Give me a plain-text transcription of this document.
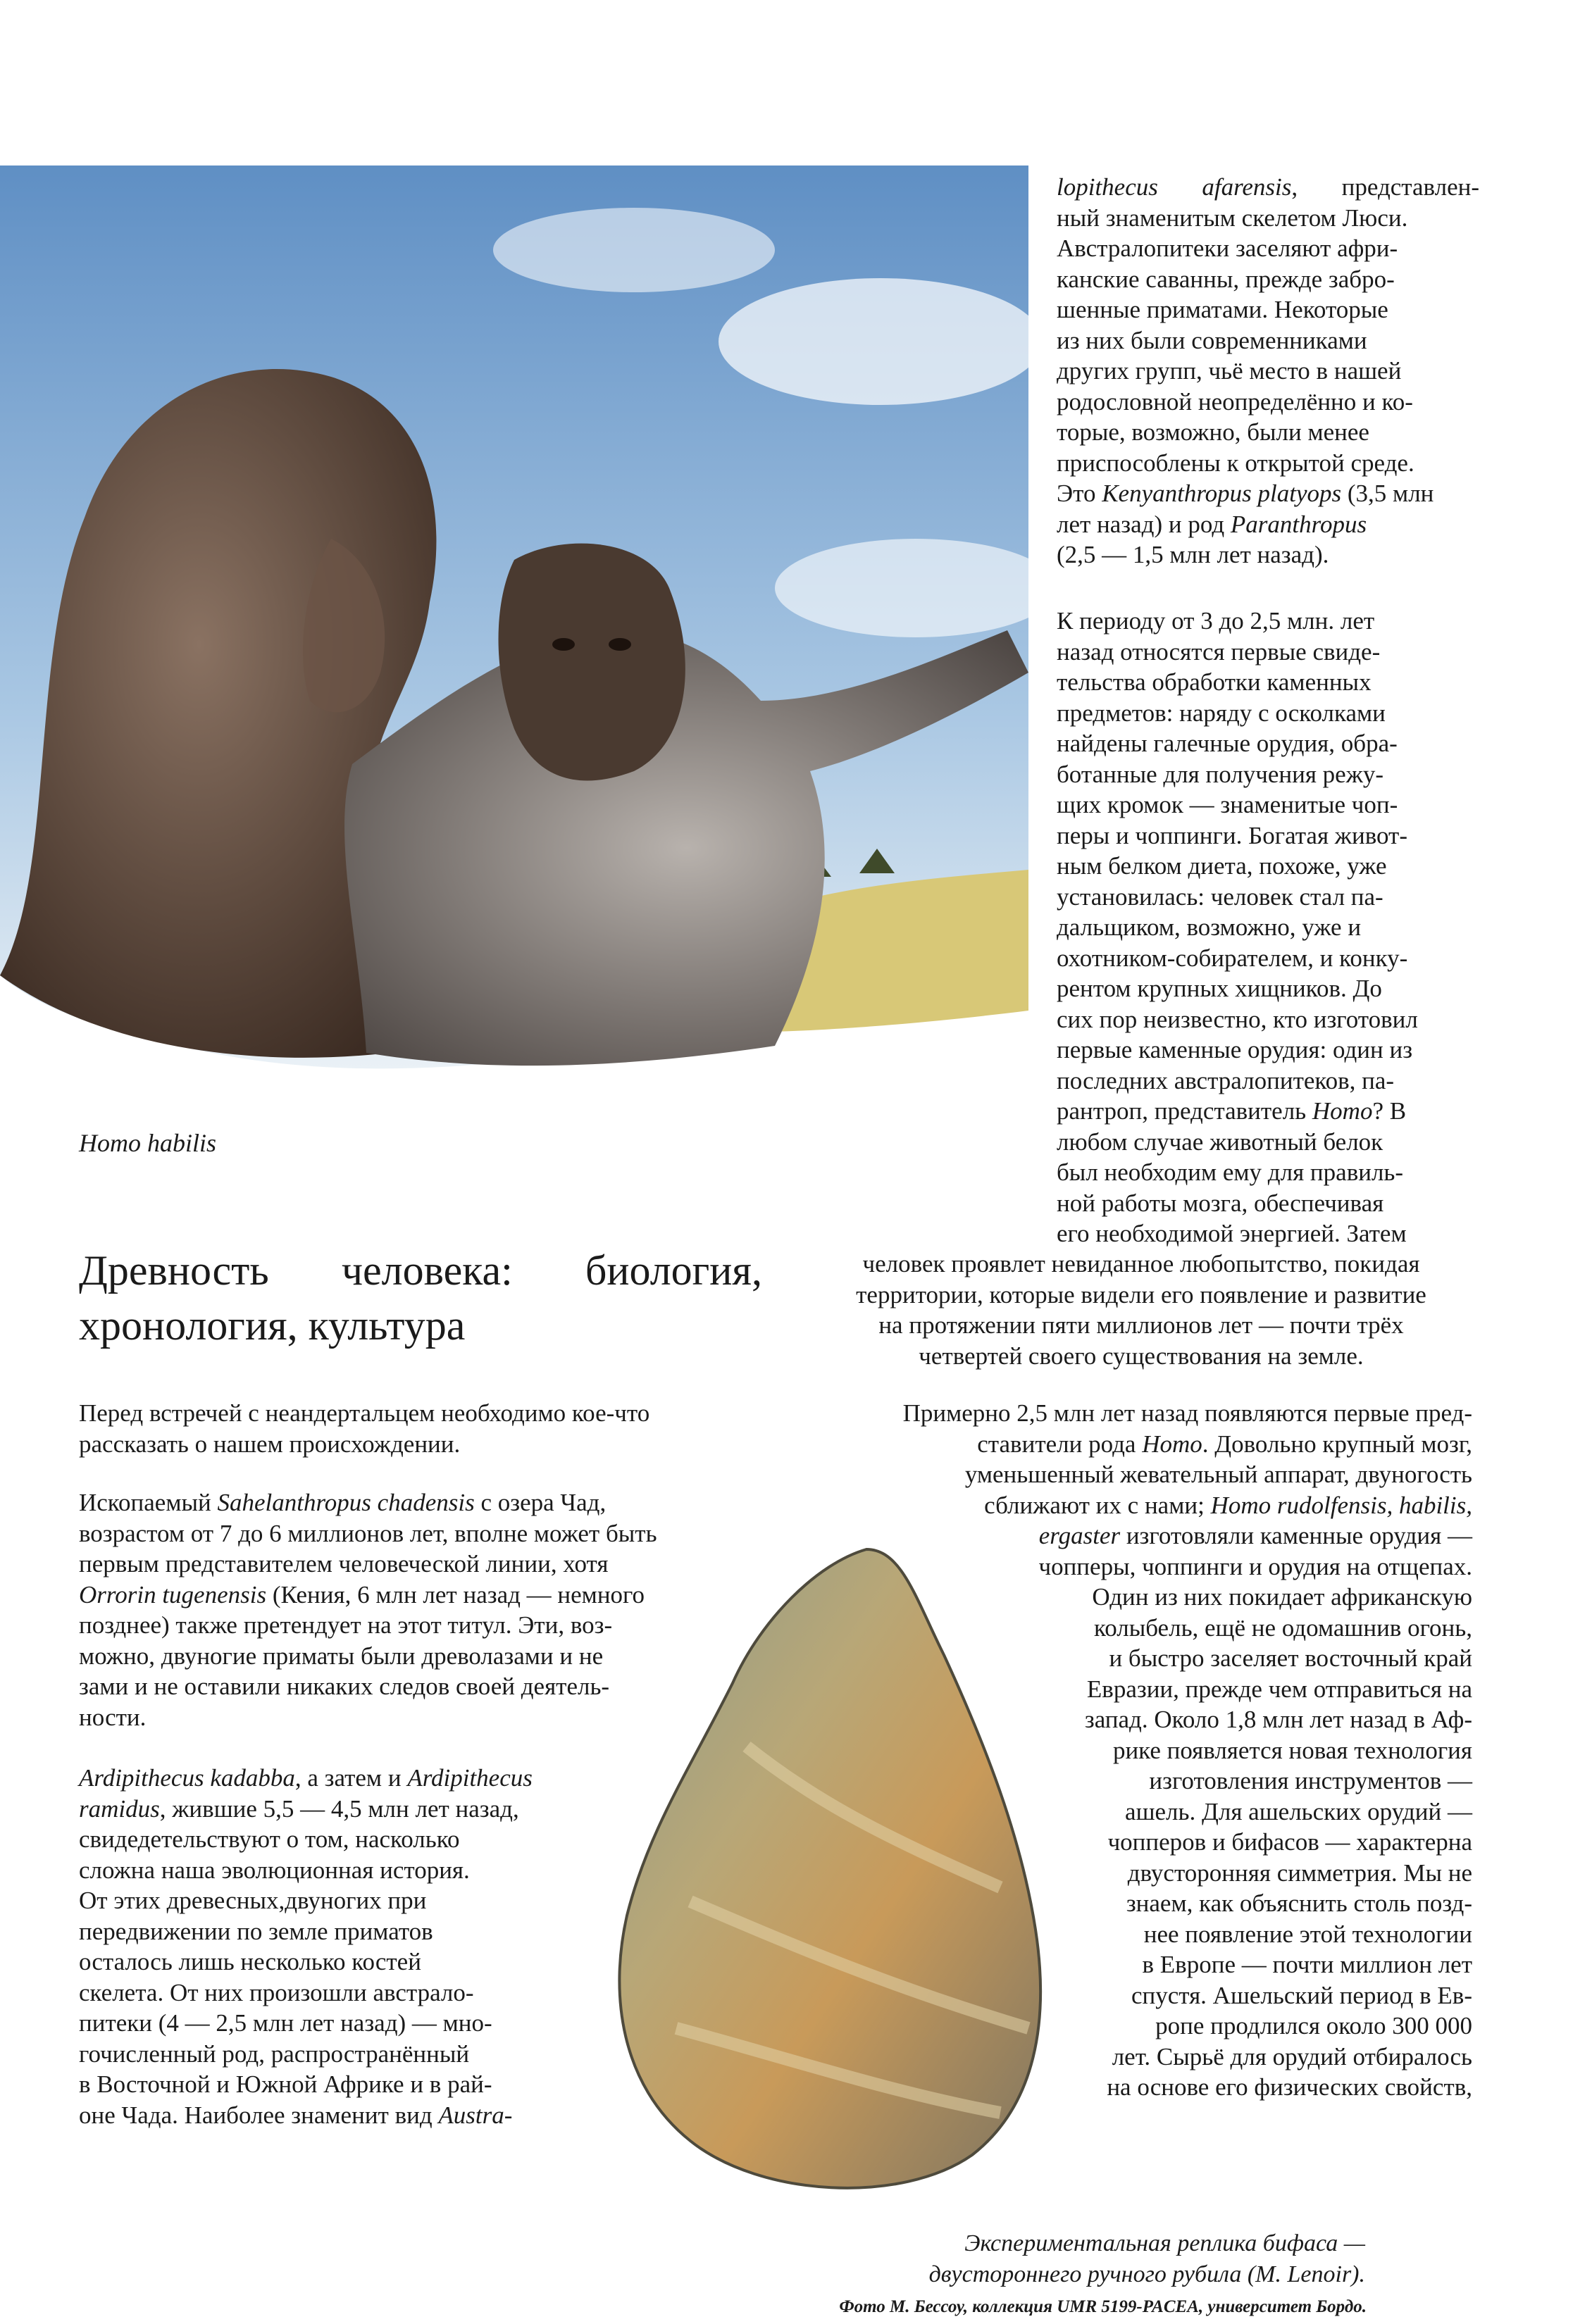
Homo habilis
Древность человека: биология,
хронология, культура
lopithecus afarensis, представлен-
ный знаменитым скелетом Люси.
Австралопитеки заселяют афри-
канские саванны, прежде забро-
шенные приматами. Некоторые
из них были современниками
других групп, чьё место в нашей
родословной неопределённо и ко-
торые, возможно, были менее
приспособлены к открытой среде.
Это Kenyanthropus platyops (3,5 млн
лет назад) и род Paranthropus
(2,5 — 1,5 млн лет назад).
К периоду от 3 до 2,5 млн. лет
назад относятся первые свиде-
тельства обработки каменных
предметов: наряду с осколками
найдены галечные орудия, обра-
ботанные для получения режу-
щих кромок — знаменитые чоп-
перы и чоппинги. Богатая живот-
ным белком диета, похоже, уже
установилась: человек стал па-
дальщиком, возможно, уже и
охотником-собирателем, и конку-
рентом крупных хищников. До
сих пор неизвестно, кто изготовил
первые каменные орудия: один из
последних австралопитеков, па-
рантроп, представитель Homo? В
любом случае животный белок
был необходим ему для правиль-
ной работы мозга, обеспечивая
его необходимой энергией. Затем
человек проявлет невиданное любопытство, покидая
территории, которые видели его появление и развитие
на протяжении пяти миллионов лет — почти трёх
четвертей своего существования на земле.
Перед встречей с неандертальцем необходимо кое-что
рассказать о нашем происхождении.
Ископаемый Sahelanthropus chadensis с озера Чад,
возрастом от 7 до 6 миллионов лет, вполне может быть
первым представителем человеческой линии, хотя
Orrorin tugenensis (Кения, 6 млн лет назад — немного
позднее) также претендует на этот титул. Эти, воз-
можно, двуногие приматы были древолазами и не
зами и не оставили никаких следов своей деятель-
ности.
Ardipithecus kadabba, а затем и Ardipithecus
ramidus, жившие 5,5 — 4,5 млн лет назад,
свидедетельствуют о том, насколько
сложна наша эволюционная история.
От этих древесных,двуногих при
передвижении по земле приматов
осталось лишь несколько костей
скелета. От них произошли австрало-
питеки (4 — 2,5 млн лет назад) — мно-
гочисленный род, распространённый
в Восточной и Южной Африке и в рай-
оне Чада. Наиболее знаменит вид Austra-
Примерно 2,5 млн лет назад появляются первые пред-
ставители рода Homo. Довольно крупный мозг,
уменьшенный жевательный аппарат, двуногость
сближают их с нами; Homo rudolfensis, habilis,
ergaster изготовляли каменные орудия —
чопперы, чоппинги и орудия на отщепах.
Один из них покидает африканскую
колыбель, ещё не одомашнив огонь,
и быстро заселяет восточный край
Евразии, прежде чем отправиться на
запад. Около 1,8 млн лет назад в Аф-
рике появляется новая технология
изготовления инструментов —
ашель. Для ашельских орудий —
чопперов и бифасов — характерна
двусторонняя симметрия. Мы не
знаем, как объяснить столь позд-
нее появление этой технологии
в Европе — почти миллион лет
спустя. Ашельский период в Ев-
ропе продлился около 300 000
лет. Сырьё для орудий отбиралось
на основе его физических свойств,
Экспериментальная реплика бифаса —
двустороннего ручного рубила (M. Lenoir).
Фото М. Бессоу, коллекция UMR 5199-PACEA, университет Бордо.
